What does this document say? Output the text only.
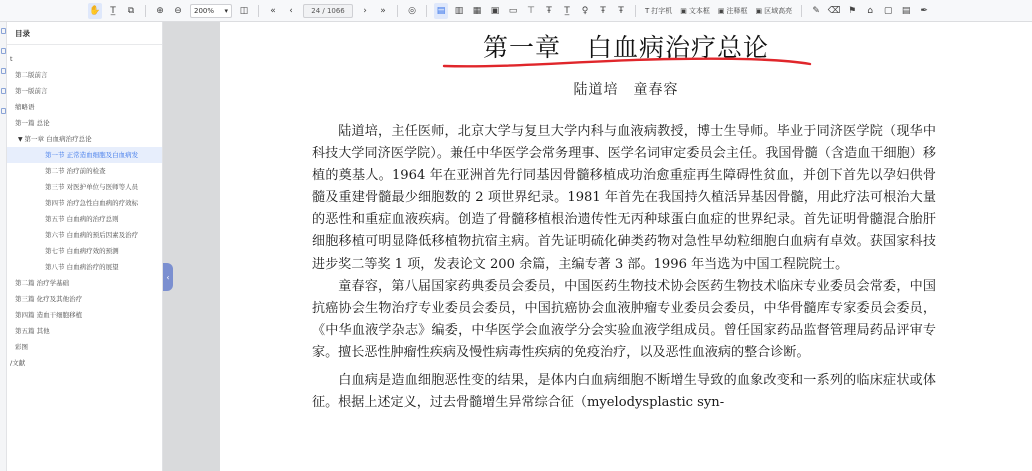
✋	T̲	⧉	⊕	⊖	200% ▾	◫	«	‹	24 / 1066	›	»	◎	▤	▥	▦	▣	▭	⊤	Ŧ	T̲	♀	Ŧ	Ŧ	T 打字机 ▣ 文本框 ▣ 注释框 ▣ 区域高亮	✎ ⌫ ⚑	⌂	▢	▤	✒
目录
t
第二版前言
第一版前言
缩略语
第一篇 总论
▼ 第一章 白血病治疗总论
第一节 正常造血细胞及白血病发
第二节 治疗前的检查
第三节 对医护单位与医师等人员
第四节 治疗急性白血病的疗效标
第五节 白血病的治疗总则
第六节 白血病的预后因素及治疗
第七节 白血病疗效的预测
第八节 白血病治疗的展望
第二篇 治疗学基础
第三篇 化疗及其他治疗
第四篇 造血干细胞移植
第五篇 其他
彩图
/文献
‹
第一章　白血病治疗总论
陆道培　童春容

陆道培，主任医师，北京大学与复旦大学内科与血液病教授，博士生导师。毕业于同济医学院（现华中科技大学同济医学院）。兼任中华医学会常务理事、医学名词审定委员会主任。我国骨髓（含造血干细胞）移植的奠基人。1964 年在亚洲首先行同基因骨髓移植成功治愈重症再生障碍性贫血，并创下首先以孕妇供骨髓及重建骨髓最少细胞数的 2 项世界纪录。1981 年首先在我国持久植活异基因骨髓，用此疗法可根治大量的恶性和重症血液疾病。创造了骨髓移植根治遗传性无丙种球蛋白血症的世界纪录。首先证明骨髓混合胎肝细胞移植可明显降低移植物抗宿主病。首先证明硫化砷类药物对急性早幼粒细胞白血病有卓效。获国家科技进步奖二等奖 1 项，发表论文 200 余篇，主编专著 3 部。1996 年当选为中国工程院院士。

童春容，第八届国家药典委员会委员，中国医药生物技术协会医药生物技术临床专业委员会常委，中国抗癌协会生物治疗专业委员会委员，中国抗癌协会血液肿瘤专业委员会委员，中华骨髓库专家委员会委员，《中华血液学杂志》编委，中华医学会血液学分会实验血液学组成员。曾任国家药品监督管理局药品评审专家。擅长恶性肿瘤性疾病及慢性病毒性疾病的免疫治疗，以及恶性血液病的整合诊断。

白血病是造血细胞恶性变的结果，是体内白血病细胞不断增生导致的血象改变和一系列的临床症状或体征。根据上述定义，过去骨髓增生异常综合征（myelodysplastic syn-
